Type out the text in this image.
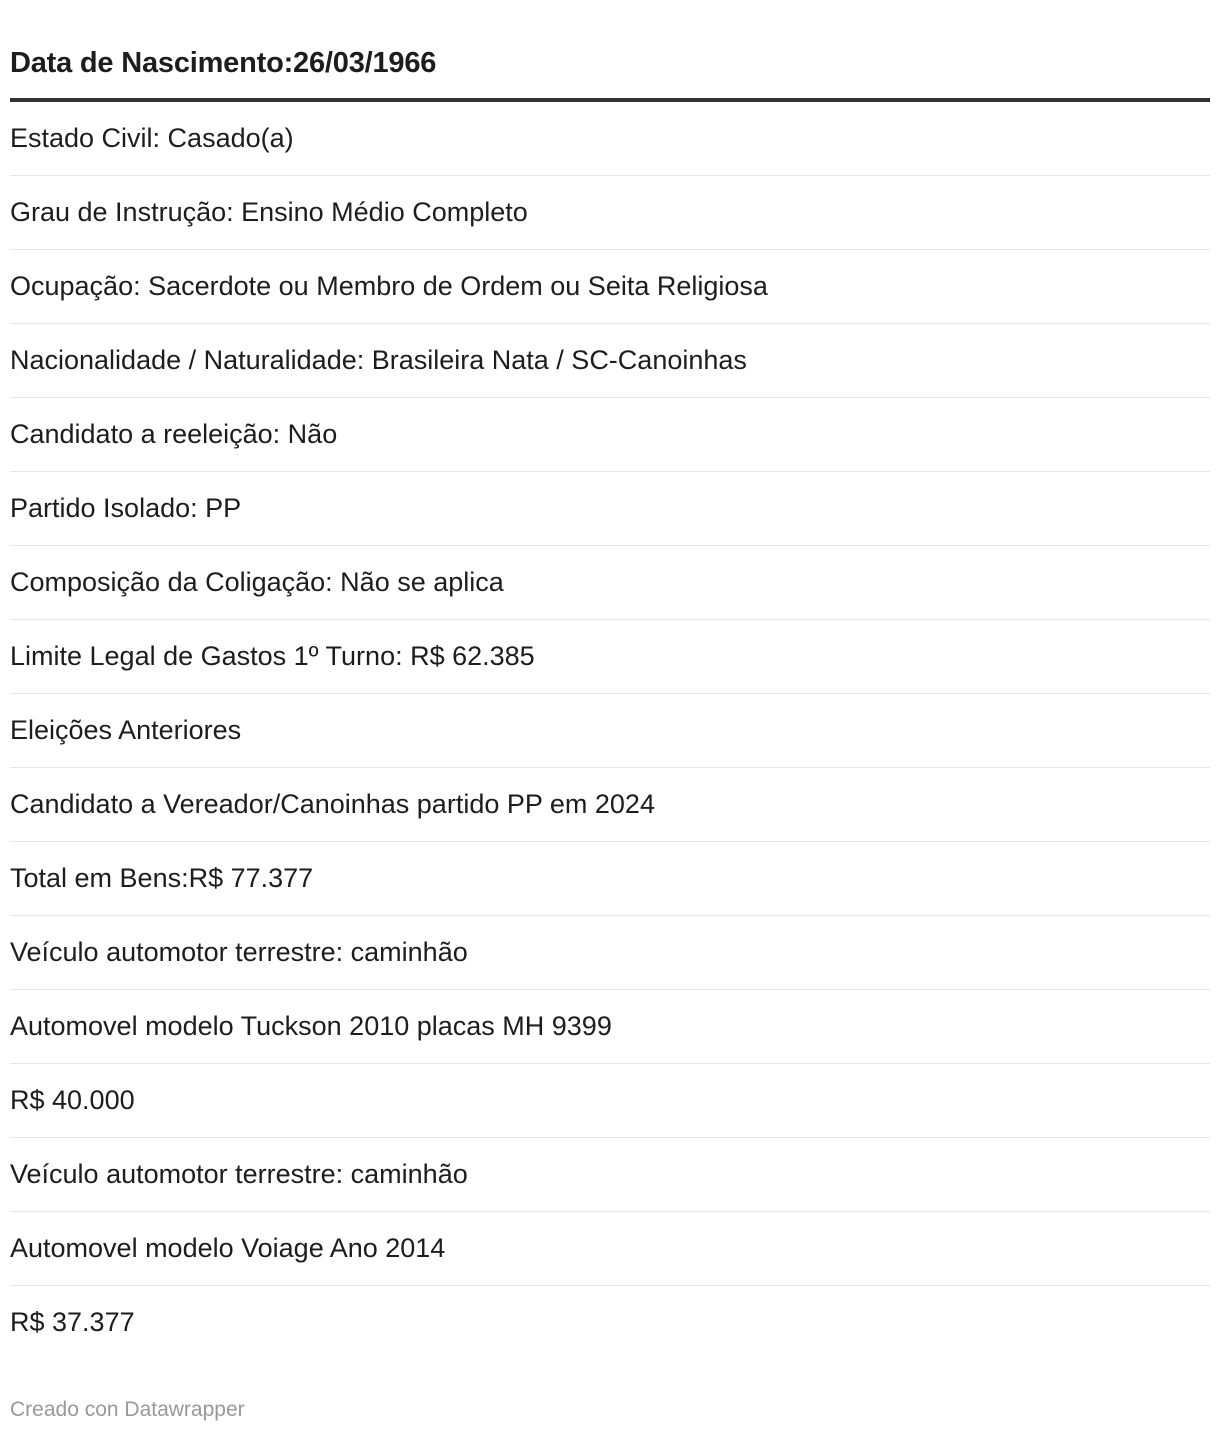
Data de Nascimento:26/03/1966
Estado Civil: Casado(a)
Grau de Instrução: Ensino Médio Completo
Ocupação: Sacerdote ou Membro de Ordem ou Seita Religiosa
Nacionalidade / Naturalidade: Brasileira Nata / SC-Canoinhas
Candidato a reeleição: Não
Partido Isolado: PP
Composição da Coligação: Não se aplica
Limite Legal de Gastos 1º Turno: R$ 62.385
Eleições Anteriores
Candidato a Vereador/Canoinhas partido PP em 2024
Total em Bens:R$ 77.377
Veículo automotor terrestre: caminhão
Automovel modelo Tuckson 2010 placas MH 9399
R$ 40.000
Veículo automotor terrestre: caminhão
Automovel modelo Voiage Ano 2014
R$ 37.377
Creado con Datawrapper
